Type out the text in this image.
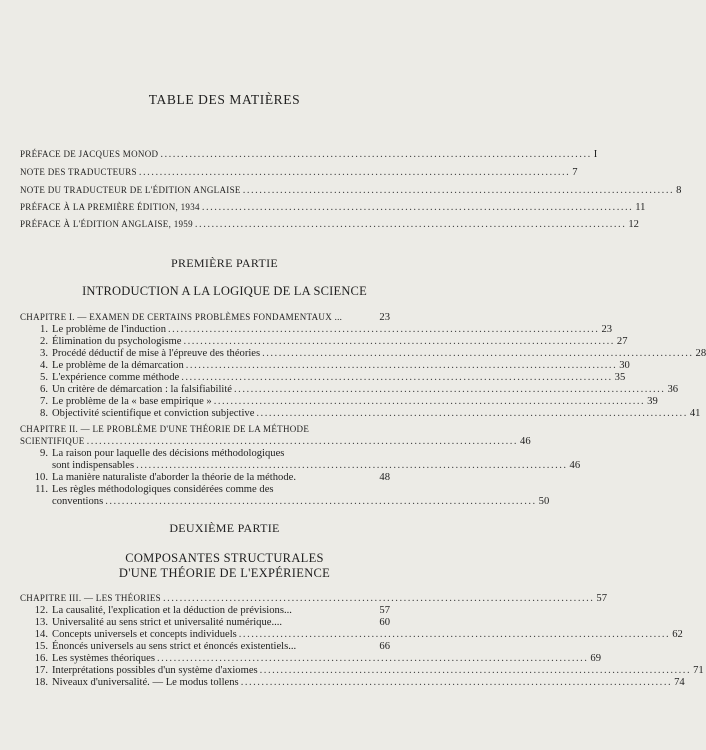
TABLE DES MATIÈRES
PRÉFACE DE JACQUES MONOD ........................................................................................................ I
NOTE DES TRADUCTEURS ........................................................................................................ 7
NOTE DU TRADUCTEUR DE L'ÉDITION ANGLAISE ........................................................................................................ 8
PRÉFACE À LA PREMIÈRE ÉDITION, 1934 ........................................................................................................ 11
PRÉFACE À L'ÉDITION ANGLAISE, 1959 ........................................................................................................ 12
PREMIÈRE PARTIE
INTRODUCTION A LA LOGIQUE DE LA SCIENCE
CHAPITRE I. — EXAMEN DE CERTAINS PROBLÈMES FONDAMENTAUX ...	23
1. Le problème de l'induction ........................................................................................................ 23
2. Élimination du psychologisme ........................................................................................................ 27
3. Procédé déductif de mise à l'épreuve des théories ........................................................................................................ 28
4. Le problème de la démarcation ........................................................................................................ 30
5. L'expérience comme méthode ........................................................................................................ 35
6. Un critère de démarcation : la falsifiabilité ........................................................................................................ 36
7. Le problème de la « base empirique » ........................................................................................................ 39
8. Objectivité scientifique et conviction subjective ........................................................................................................ 41
CHAPITRE II. — LE PROBLÈME D'UNE THÉORIE DE LA MÉTHODE
SCIENTIFIQUE ........................................................................................................ 46
9. La raison pour laquelle des décisions méthodologiques
sont indispensables ........................................................................................................ 46
10. La manière naturaliste d'aborder la théorie de la méthode.	48
11. Les règles méthodologiques considérées comme des
conventions ........................................................................................................ 50
DEUXIÈME PARTIE
COMPOSANTES STRUCTURALES
D'UNE THÉORIE DE L'EXPÉRIENCE
CHAPITRE III. — LES THÉORIES ........................................................................................................ 57
12. La causalité, l'explication et la déduction de prévisions...	57
13. Universalité au sens strict et universalité numérique....	60
14. Concepts universels et concepts individuels ........................................................................................................ 62
15. Énoncés universels au sens strict et énoncés existentiels...	66
16. Les systèmes théoriques ........................................................................................................ 69
17. Interprétations possibles d'un système d'axiomes ........................................................................................................ 71
18. Niveaux d'universalité. — Le modus tollens ........................................................................................................ 74
